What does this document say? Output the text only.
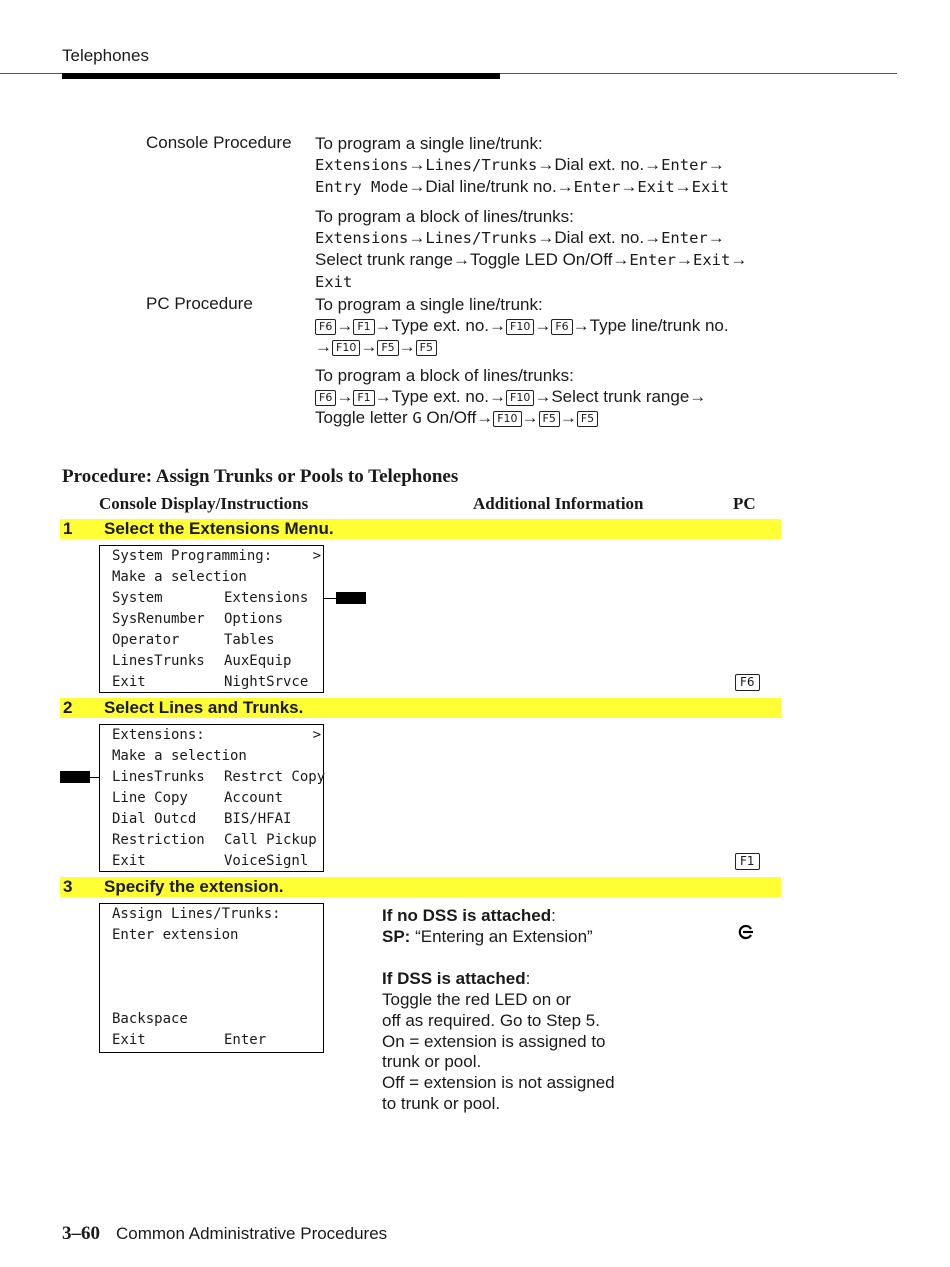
Telephones
Console Procedure To program a single line/trunk:
Extensions→Lines/Trunks→Dial ext. no.→Enter→
Entry Mode→Dial line/trunk no.→Enter→Exit→Exit
To program a block of lines/trunks:
Extensions→Lines/Trunks→Dial ext. no.→Enter→
Select trunk range→Toggle LED On/Off→Enter→Exit→
Exit
PC Procedure	To program a single line/trunk:
F6 → F1 →Type ext. no.→ F10 → F6 →Type line/trunk no.
→ F10 → F5 → F5
To program a block of lines/trunks:
F6 → F1 →Type ext. no.→ F10 →Select trunk range→
Toggle letter G On/Off→ F10 → F5 → F5
Procedure: Assign Trunks or Pools to Telephones
Console Display/Instructions	Additional Information	PC
1 Select the Extensions Menu.
System Programming:	>
Make a selection
System	Extensions
SysRenumber Options
Operator	Tables
LinesTrunks AuxEquip
Exit	NightSrvce	F6
2 Select Lines and Trunks.
Extensions:	>
Make a selection
LinesTrunks Restrct Copy
Line Copy	Account
Dial Outcd BIS/HFAI
Restriction Call Pickup
Exit	VoiceSignl	F1
3 Specify the extension.
Assign Lines/Trunks:
Enter extension
Backspace
Exit	Enter
If no DSS is attached:
SP: “Entering an Extension”
If DSS is attached:
Toggle the red LED on or
off as required. Go to Step 5.
On = extension is assigned to
trunk or pool.
Off = extension is not assigned
to trunk or pool.
3–60 Common Administrative Procedures
